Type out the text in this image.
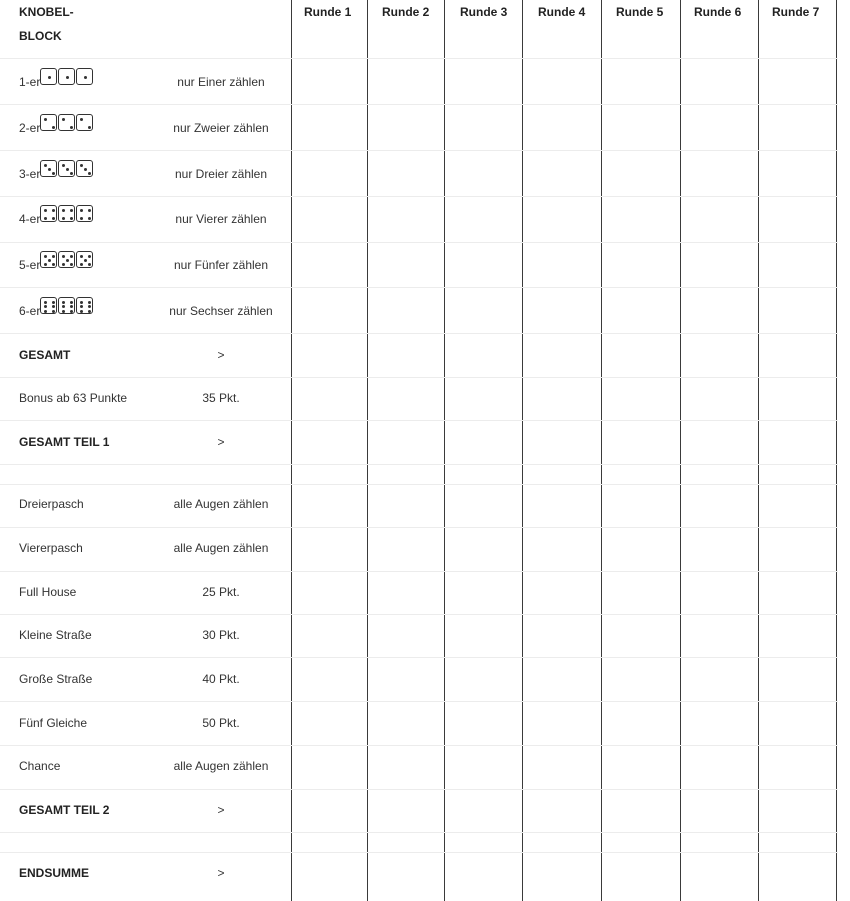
KNOBEL-
BLOCK
Runde 1	Runde 2	Runde 3	Runde 4	Runde 5	Runde 6	Runde 7
1-er	nur Einer zählen
2-er	nur Zweier zählen
3-er	nur Dreier zählen
4-er	nur Vierer zählen
5-er	nur Fünfer zählen
6-er	nur Sechser zählen
GESAMT	>
Bonus ab 63 Punkte	35 Pkt.
GESAMT TEIL 1	>
Dreierpasch	alle Augen zählen
Viererpasch	alle Augen zählen
Full House	25 Pkt.
Kleine Straße	30 Pkt.
Große Straße	40 Pkt.
Fünf Gleiche	50 Pkt.
Chance	alle Augen zählen
GESAMT TEIL 2	>
ENDSUMME	>
